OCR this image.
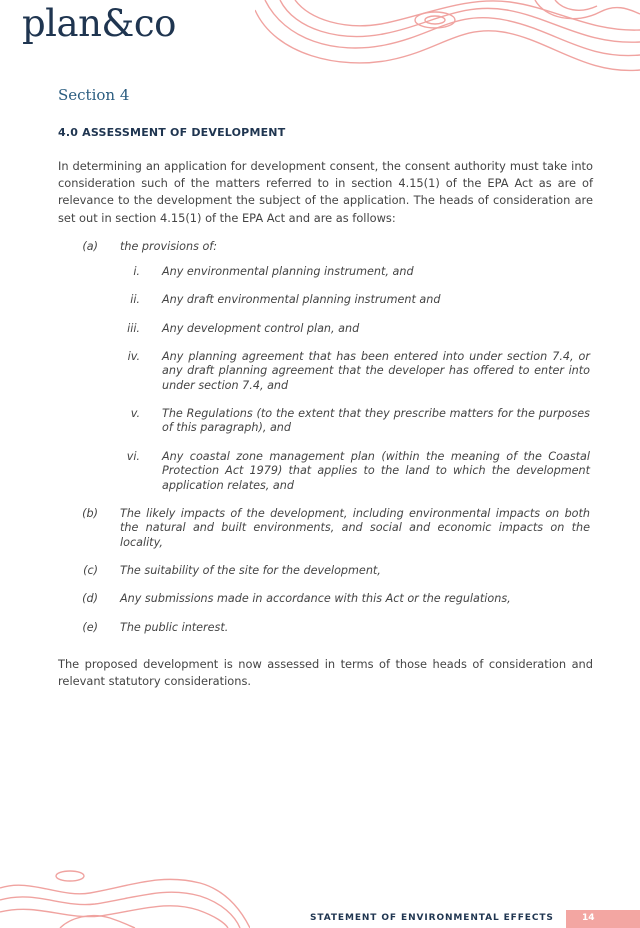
plan&co
Section 4
4.0 ASSESSMENT OF DEVELOPMENT
In determining an application for development consent, the consent authority must take into consideration such of the matters referred to in section 4.15(1) of the EPA Act as are of relevance to the development the subject of the application. The heads of consideration are set out in section 4.15(1) of the EPA Act and are as follows:
(a) the provisions of:
i. Any environmental planning instrument, and
ii. Any draft environmental planning instrument and
iii. Any development control plan, and
iv. Any planning agreement that has been entered into under section 7.4, or any draft planning agreement that the developer has offered to enter into under section 7.4, and
v. The Regulations (to the extent that they prescribe matters for the purposes of this paragraph), and
vi. Any coastal zone management plan (within the meaning of the Coastal Protection Act 1979) that applies to the land to which the development application relates, and
(b) The likely impacts of the development, including environmental impacts on both the natural and built environments, and social and economic impacts on the locality,
(c) The suitability of the site for the development,
(d) Any submissions made in accordance with this Act or the regulations,
(e) The public interest.
The proposed development is now assessed in terms of those heads of consideration and relevant statutory considerations.
STATEMENT OF ENVIRONMENTAL EFFECTS	14
